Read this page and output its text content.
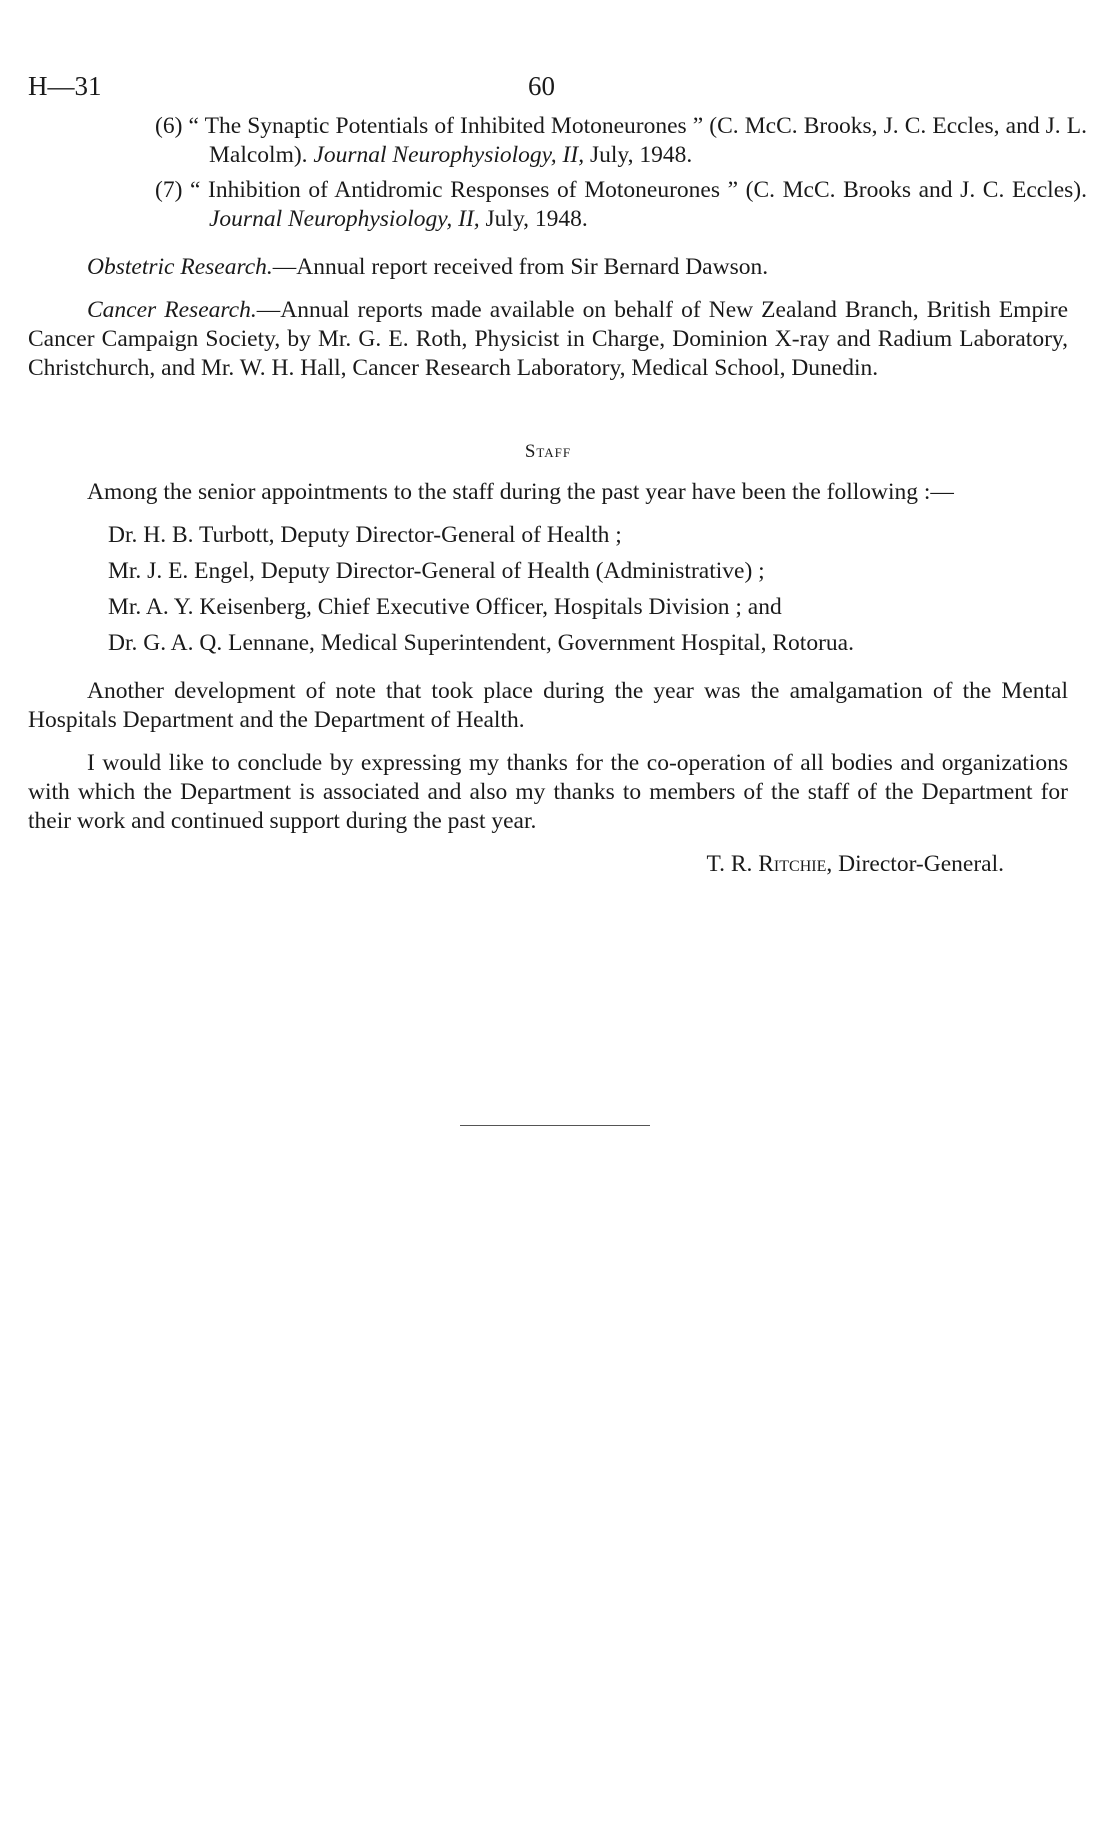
H—31	60

(6) “ The Synaptic Potentials of Inhibited Motoneurones ” (C. McC. Brooks, J. C. Eccles, and J. L. Malcolm). Journal Neurophysiology, II, July, 1948.

(7) “ Inhibition of Antidromic Responses of Motoneurones ” (C. McC. Brooks and J. C. Eccles). Journal Neurophysiology, II, July, 1948.

Obstetric Research.—Annual report received from Sir Bernard Dawson.

Cancer Research.—Annual reports made available on behalf of New Zealand Branch, British Empire Cancer Campaign Society, by Mr. G. E. Roth, Physicist in Charge, Dominion X-ray and Radium Laboratory, Christchurch, and Mr. W. H. Hall, Cancer Research Laboratory, Medical School, Dunedin.

Staff

Among the senior appointments to the staff during the past year have been the following :—

Dr. H. B. Turbott, Deputy Director-General of Health ;

Mr. J. E. Engel, Deputy Director-General of Health (Administrative) ;

Mr. A. Y. Keisenberg, Chief Executive Officer, Hospitals Division ; and

Dr. G. A. Q. Lennane, Medical Superintendent, Government Hospital, Rotorua.

Another development of note that took place during the year was the amalgamation of the Mental Hospitals Department and the Department of Health.

I would like to conclude by expressing my thanks for the co-operation of all bodies and organizations with which the Department is associated and also my thanks to members of the staff of the Department for their work and continued support during the past year.

T. R. Ritchie, Director-General.
